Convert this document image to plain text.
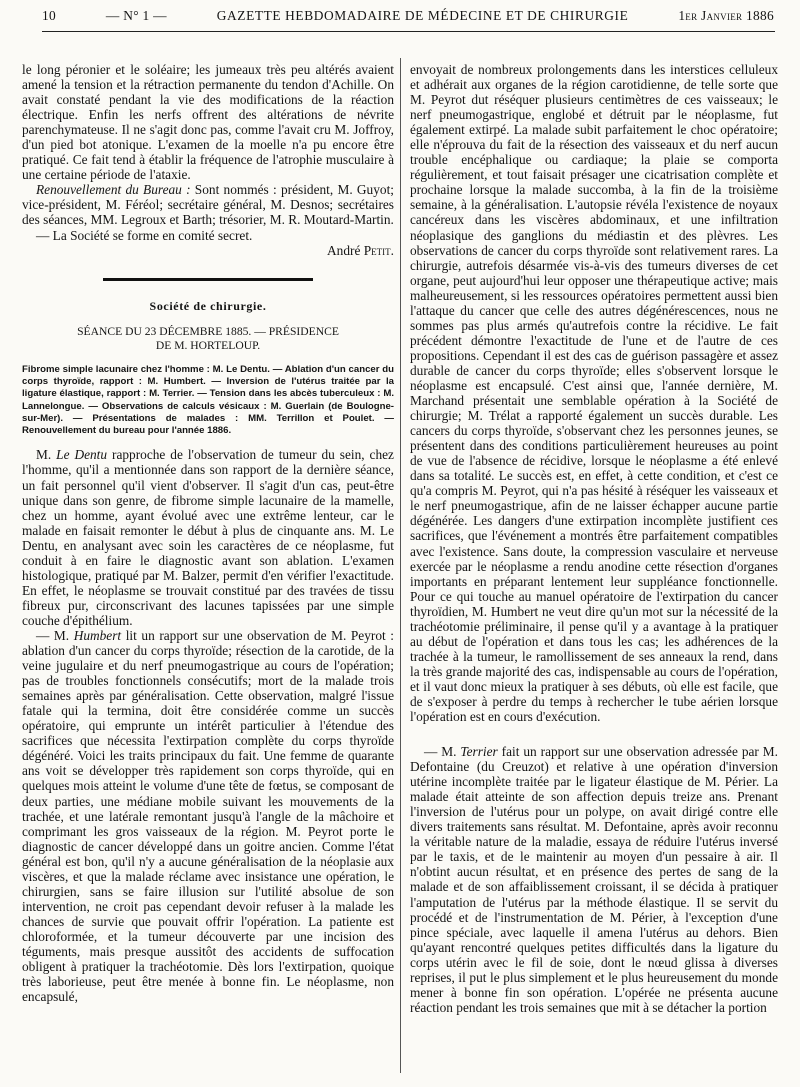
10	— N° 1 —	GAZETTE HEBDOMADAIRE DE MÉDECINE ET DE CHIRURGIE	1er Janvier 1886

le long péronier et le soléaire; les jumeaux très peu altérés avaient amené la tension et la rétraction permanente du tendon d'Achille. On avait constaté pendant la vie des modifications de la réaction électrique. Enfin les nerfs offrent des altérations de névrite parenchymateuse. Il ne s'agit donc pas, comme l'avait cru M. Joffroy, d'un pied bot atonique. L'examen de la moelle n'a pu encore être pratiqué. Ce fait tend à établir la fréquence de l'atrophie musculaire à une certaine période de l'ataxie.

Renouvellement du Bureau : Sont nommés : président, M. Guyot; vice-président, M. Féréol; secrétaire général, M. Desnos; secrétaires des séances, MM. Legroux et Barth; trésorier, M. R. Moutard-Martin.

— La Société se forme en comité secret.

André Petit.

Société de chirurgie.
SÉANCE DU 23 DÉCEMBRE 1885. — PRÉSIDENCE
DE M. HORTELOUP.
Fibrome simple lacunaire chez l'homme : M. Le Dentu. — Ablation d'un cancer du corps thyroïde, rapport : M. Humbert. — Inversion de l'utérus traitée par la ligature élastique, rapport : M. Terrier. — Tension dans les abcès tuberculeux : M. Lannelongue. — Observations de calculs vésicaux : M. Guerlain (de Boulogne-sur-Mer). — Présentations de malades : MM. Terrillon et Poulet. — Renouvellement du bureau pour l'année 1886.

M. Le Dentu rapproche de l'observation de tumeur du sein, chez l'homme, qu'il a mentionnée dans son rapport de la dernière séance, un fait personnel qu'il vient d'observer. Il s'agit d'un cas, peut-être unique dans son genre, de fibrome simple lacunaire de la mamelle, chez un homme, ayant évolué avec une extrême lenteur, car le malade en faisait remonter le début à plus de cinquante ans. M. Le Dentu, en analysant avec soin les caractères de ce néoplasme, fut conduit à en faire le diagnostic avant son ablation. L'examen histologique, pratiqué par M. Balzer, permit d'en vérifier l'exactitude. En effet, le néoplasme se trouvait constitué par des travées de tissu fibreux pur, circonscrivant des lacunes tapissées par une simple couche d'épithélium.

— M. Humbert lit un rapport sur une observation de M. Peyrot : ablation d'un cancer du corps thyroïde; résection de la carotide, de la veine jugulaire et du nerf pneumogastrique au cours de l'opération; pas de troubles fonctionnels consécutifs; mort de la malade trois semaines après par généralisation. Cette observation, malgré l'issue fatale qui la termina, doit être considérée comme un succès opératoire, qui emprunte un intérêt particulier à l'étendue des sacrifices que nécessita l'extirpation complète du corps thyroïde dégénéré. Voici les traits principaux du fait. Une femme de quarante ans voit se développer très rapidement son corps thyroïde, qui en quelques mois atteint le volume d'une tête de fœtus, se composant de deux parties, une médiane mobile suivant les mouvements de la trachée, et une latérale remontant jusqu'à l'angle de la mâchoire et comprimant les gros vaisseaux de la région. M. Peyrot porte le diagnostic de cancer développé dans un goitre ancien. Comme l'état général est bon, qu'il n'y a aucune généralisation de la néoplasie aux viscères, et que la malade réclame avec insistance une opération, le chirurgien, sans se faire illusion sur l'utilité absolue de son intervention, ne croit pas cependant devoir refuser à la malade les chances de survie que pouvait offrir l'opération. La patiente est chloroformée, et la tumeur découverte par une incision des téguments, mais presque aussitôt des accidents de suffocation obligent à pratiquer la trachéotomie. Dès lors l'extirpation, quoique très laborieuse, peut être menée à bonne fin. Le néoplasme, non encapsulé,

envoyait de nombreux prolongements dans les interstices celluleux et adhérait aux organes de la région carotidienne, de telle sorte que M. Peyrot dut réséquer plusieurs centimètres de ces vaisseaux; le nerf pneumogastrique, englobé et détruit par le néoplasme, fut également extirpé. La malade subit parfaitement le choc opératoire; elle n'éprouva du fait de la résection des vaisseaux et du nerf aucun trouble encéphalique ou cardiaque; la plaie se comporta régulièrement, et tout faisait présager une cicatrisation complète et prochaine lorsque la malade succomba, à la fin de la troisième semaine, à la généralisation. L'autopsie révéla l'existence de noyaux cancéreux dans les viscères abdominaux, et une infiltration néoplasique des ganglions du médiastin et des plèvres. Les observations de cancer du corps thyroïde sont relativement rares. La chirurgie, autrefois désarmée vis-à-vis des tumeurs diverses de cet organe, peut aujourd'hui leur opposer une thérapeutique active; mais malheureusement, si les ressources opératoires permettent aussi bien l'attaque du cancer que celle des autres dégénérescences, nous ne sommes pas plus armés qu'autrefois contre la récidive. Le fait précédent démontre l'exactitude de l'une et de l'autre de ces propositions. Cependant il est des cas de guérison passagère et assez durable de cancer du corps thyroïde; elles s'observent lorsque le néoplasme est encapsulé. C'est ainsi que, l'année dernière, M. Marchand présentait une semblable opération à la Société de chirurgie; M. Trélat a rapporté également un succès durable. Les cancers du corps thyroïde, s'observant chez les personnes jeunes, se présentent dans des conditions particulièrement heureuses au point de vue de l'absence de récidive, lorsque le néoplasme a été enlevé dans sa totalité. Le succès est, en effet, à cette condition, et c'est ce qu'a compris M. Peyrot, qui n'a pas hésité à réséquer les vaisseaux et le nerf pneumogastrique, afin de ne laisser échapper aucune partie dégénérée. Les dangers d'une extirpation incomplète justifient ces sacrifices, que l'événement a montrés être parfaitement compatibles avec l'existence. Sans doute, la compression vasculaire et nerveuse exercée par le néoplasme a rendu anodine cette résection d'organes importants en préparant lentement leur suppléance fonctionnelle. Pour ce qui touche au manuel opératoire de l'extirpation du cancer thyroïdien, M. Humbert ne veut dire qu'un mot sur la nécessité de la trachéotomie préliminaire, il pense qu'il y a avantage à la pratiquer au début de l'opération et dans tous les cas; les adhérences de la trachée à la tumeur, le ramollissement de ses anneaux la rend, dans la très grande majorité des cas, indispensable au cours de l'opération, et il vaut donc mieux la pratiquer à ses débuts, où elle est facile, que de s'exposer à perdre du temps à rechercher le tube aérien lorsque l'opération est en cours d'exécution.

— M. Terrier fait un rapport sur une observation adressée par M. Defontaine (du Creuzot) et relative à une opération d'inversion utérine incomplète traitée par le ligateur élastique de M. Périer. La malade était atteinte de son affection depuis treize ans. Prenant l'inversion de l'utérus pour un polype, on avait dirigé contre elle divers traitements sans résultat. M. Defontaine, après avoir reconnu la véritable nature de la maladie, essaya de réduire l'utérus inversé par le taxis, et de le maintenir au moyen d'un pessaire à air. Il n'obtint aucun résultat, et en présence des pertes de sang de la malade et de son affaiblissement croissant, il se décida à pratiquer l'amputation de l'utérus par la méthode élastique. Il se servit du procédé et de l'instrumentation de M. Périer, à l'exception d'une pince spéciale, avec laquelle il amena l'utérus au dehors. Bien qu'ayant rencontré quelques petites difficultés dans la ligature du corps utérin avec le fil de soie, dont le nœud glissa à diverses reprises, il put le plus simplement et le plus heureusement du monde mener à bonne fin son opération. L'opérée ne présenta aucune réaction pendant les trois semaines que mit à se détacher la portion
